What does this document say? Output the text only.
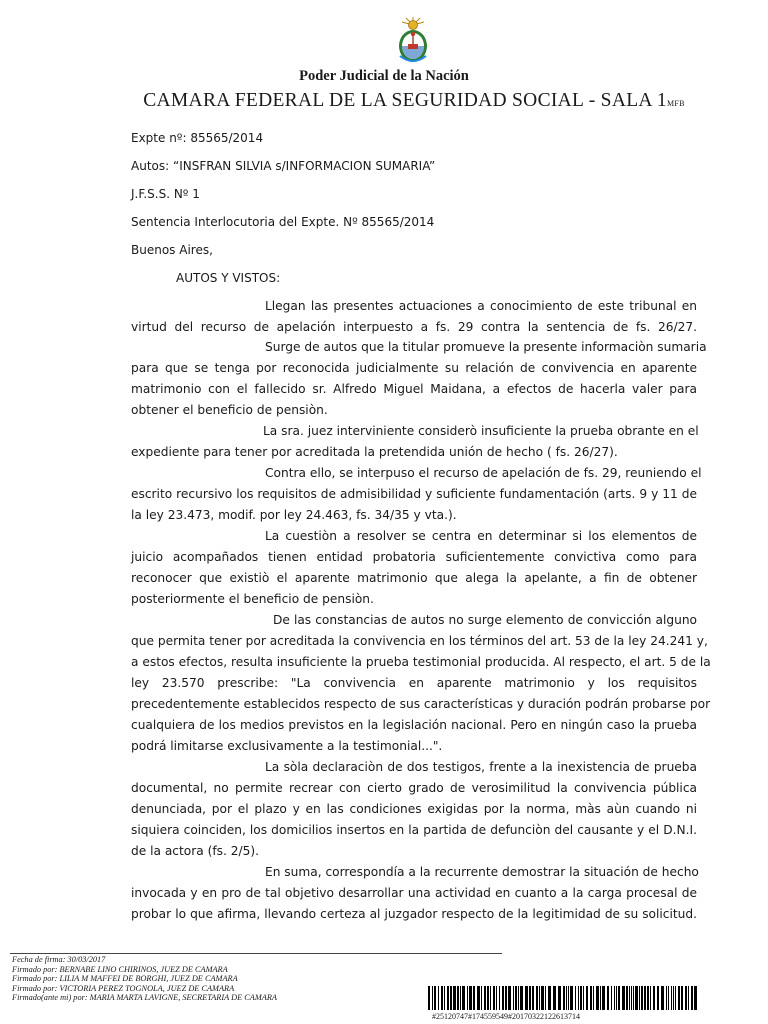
Poder Judicial de la Nación
CAMARA FEDERAL DE LA SEGURIDAD SOCIAL - SALA 1MFB
Expte nº: 85565/2014
Autos: “INSFRAN SILVIA s/INFORMACION SUMARIA”
J.F.S.S. Nº 1
Sentencia Interlocutoria del Expte. Nº 85565/2014
Buenos Aires,
AUTOS Y VISTOS:
Llegan las presentes actuaciones a conocimiento de este tribunal en
virtud del recurso de apelación interpuesto a fs. 29 contra la sentencia de fs. 26/27.
Surge de autos que la titular promueve la presente informaciòn sumaria
para que se tenga por reconocida judicialmente su relación de convivencia en aparente
matrimonio con el fallecido sr. Alfredo Miguel Maidana, a efectos de hacerla valer para
obtener el beneficio de pensiòn.
La sra. juez interviniente considerò insuficiente la prueba obrante en el
expediente para tener por acreditada la pretendida unión de hecho ( fs. 26/27).
Contra ello, se interpuso el recurso de apelación de fs. 29, reuniendo el
escrito recursivo los requisitos de admisibilidad y suficiente fundamentación (arts. 9 y 11 de
la ley 23.473, modif. por ley 24.463, fs. 34/35 y vta.).
La cuestiòn a resolver se centra en determinar si los elementos de
juicio acompañados tienen entidad probatoria suficientemente convictiva como para
reconocer que existiò el aparente matrimonio que alega la apelante, a fin de obtener
posteriormente el beneficio de pensiòn.
De las constancias de autos no surge elemento de convicción alguno
que permita tener por acreditada la convivencia en los términos del art. 53 de la ley 24.241 y,
a estos efectos, resulta insuficiente la prueba testimonial producida. Al respecto, el art. 5 de la
ley 23.570 prescribe: "La convivencia en aparente matrimonio y los requisitos
precedentemente establecidos respecto de sus características y duración podrán probarse por
cualquiera de los medios previstos en la legislación nacional. Pero en ningún caso la prueba
podrá limitarse exclusivamente a la testimonial...".
La sòla declaraciòn de dos testigos, frente a la inexistencia de prueba
documental, no permite recrear con cierto grado de verosimilitud la convivencia pública
denunciada, por el plazo y en las condiciones exigidas por la norma, màs aùn cuando ni
siquiera coinciden, los domicilios insertos en la partida de defunciòn del causante y el D.N.I.
de la actora (fs. 2/5).
En suma, correspondía a la recurrente demostrar la situación de hecho
invocada y en pro de tal objetivo desarrollar una actividad en cuanto a la carga procesal de
probar lo que afirma, llevando certeza al juzgador respecto de la legitimidad de su solicitud.
Fecha de firma: 30/03/2017
Firmado por: BERNABE LINO CHIRINOS, JUEZ DE CAMARA
Firmado por: LILIA M MAFFEI DE BORGHI, JUEZ DE CAMARA
Firmado por: VICTORIA PEREZ TOGNOLA, JUEZ DE CAMARA
Firmado(ante mi) por: MARIA MARTA LAVIGNE, SECRETARIA DE CAMARA
#25120747#174559549#20170322122613714
